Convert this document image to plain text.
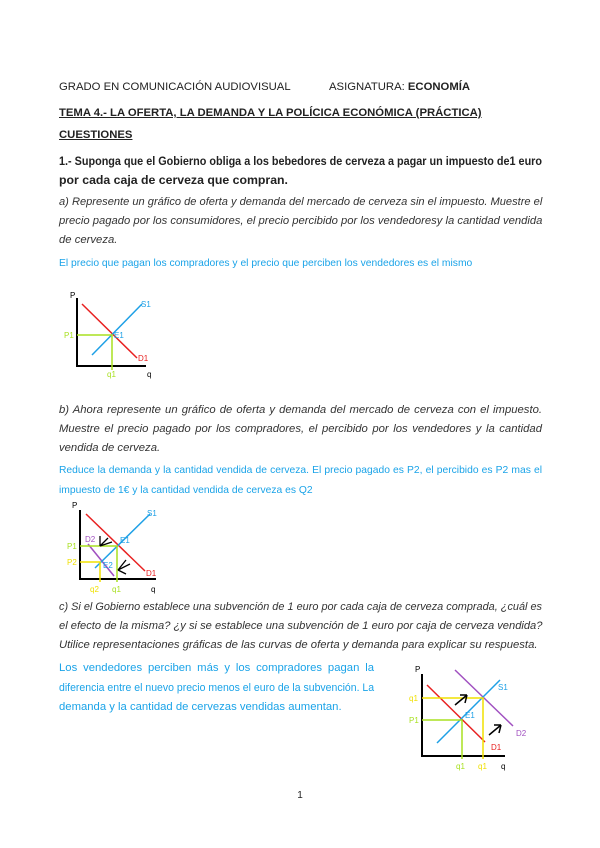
GRADO EN COMUNICACIÓN AUDIOVISUAL	ASIGNATURA: ECONOMÍA
TEMA 4.- LA OFERTA, LA DEMANDA Y LA POLÍCICA ECONÓMICA (PRÁCTICA)
CUESTIONES
1.- Suponga que el Gobierno obliga a los bebedores de cerveza a pagar un impuesto de1 euro
por cada caja de cerveza que compran.
a) Represente un gráfico de oferta y demanda del mercado de cerveza sin el impuesto. Muestre el
precio pagado por los consumidores, el precio percibido por los vendedoresy la cantidad vendida
de cerveza.
El precio que pagan los compradores y el precio que perciben los vendedores es el mismo
P
S1
E1
D1
P1
q1	q
b) Ahora represente un gráfico de oferta y demanda del mercado de cerveza con el impuesto.
Muestre el precio pagado por los compradores, el percibido por los vendedores y la cantidad
vendida de cerveza.
Reduce la demanda y la cantidad vendida de cerveza. El precio pagado es P2, el percibido es P2 mas el
impuesto de 1€ y la cantidad vendida de cerveza es Q2
P
S1
E1
E2
D2
D1
P1
P2
q2 q1	q
c) Si el Gobierno establece una subvención de 1 euro por cada caja de cerveza comprada, ¿cuál es
el efecto de la misma? ¿y si se establece una subvención de 1 euro por caja de cerveza vendida?
Utilice representaciones gráficas de las curvas de oferta y demanda para explicar su respuesta.
Los vendedores perciben más y los compradores pagan la
diferencia entre el nuevo precio menos el euro de la subvención. La
demanda y la cantidad de cervezas vendidas aumentan.
P
S1
E1
D1
D2
P1
q1
q1 q1 q
1
